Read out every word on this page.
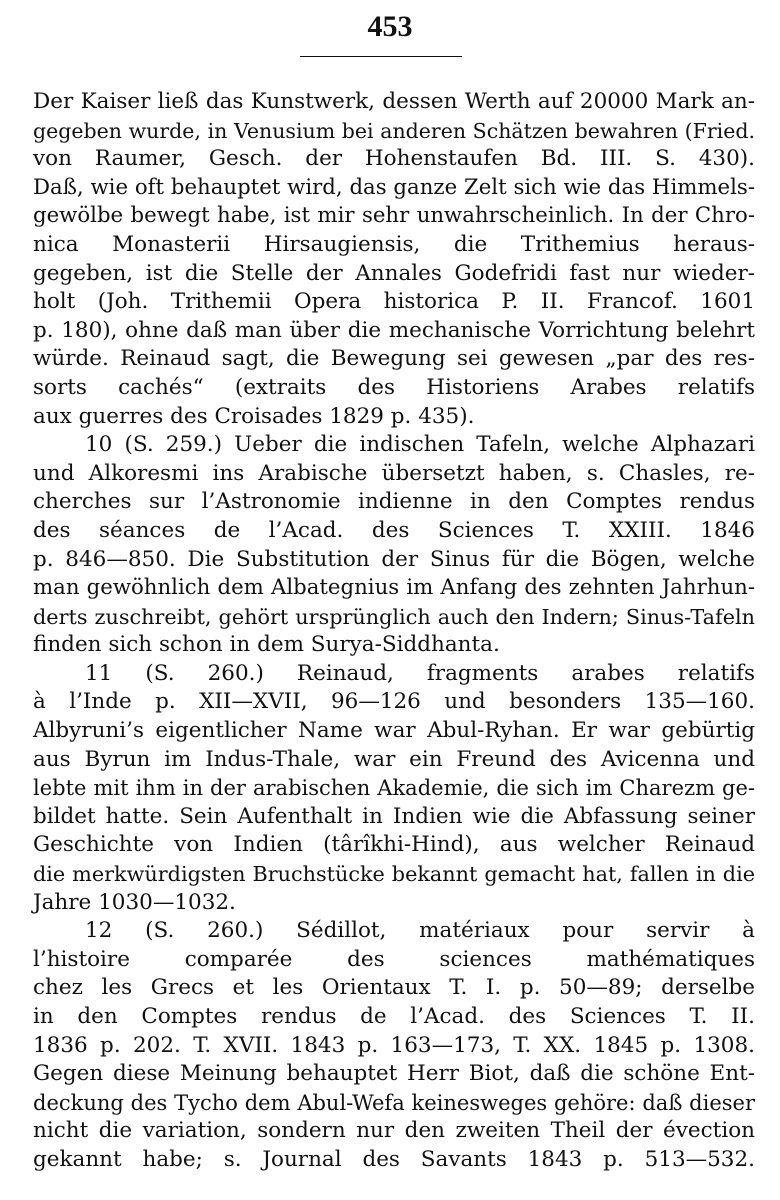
453
Der Kaiser ließ das Kunstwerk, dessen Werth auf 20000 Mark an-
gegeben wurde, in Venusium bei anderen Schätzen bewahren (Fried.
von Raumer, Gesch. der Hohenstaufen Bd. III. S. 430).
Daß, wie oft behauptet wird, das ganze Zelt sich wie das Himmels-
gewölbe bewegt habe, ist mir sehr unwahrscheinlich. In der Chro-
nica Monasterii Hirsaugiensis, die Trithemius heraus-
gegeben, ist die Stelle der Annales Godefridi fast nur wieder-
holt (Joh. Trithemii Opera historica P. II. Francof. 1601
p. 180), ohne daß man über die mechanische Vorrichtung belehrt
würde. Reinaud sagt, die Bewegung sei gewesen „par des res-
sorts cachés“ (extraits des Historiens Arabes relatifs
aux guerres des Croisades 1829 p. 435).
10 (S. 259.) Ueber die indischen Tafeln, welche Alphazari
und Alkoresmi ins Arabische übersetzt haben, s. Chasles, re-
cherches sur l’Astronomie indienne in den Comptes rendus
des séances de l’Acad. des Sciences T. XXIII. 1846
p. 846—850. Die Substitution der Sinus für die Bögen, welche
man gewöhnlich dem Albategnius im Anfang des zehnten Jahrhun-
derts zuschreibt, gehört ursprünglich auch den Indern; Sinus-Tafeln
finden sich schon in dem Surya-Siddhanta.
11 (S. 260.) Reinaud, fragments arabes relatifs
à l’Inde p. XII—XVII, 96—126 und besonders 135—160.
Albyruni’s eigentlicher Name war Abul-Ryhan. Er war gebürtig
aus Byrun im Indus-Thale, war ein Freund des Avicenna und
lebte mit ihm in der arabischen Akademie, die sich im Charezm ge-
bildet hatte. Sein Aufenthalt in Indien wie die Abfassung seiner
Geschichte von Indien (târîkhi-Hind), aus welcher Reinaud
die merkwürdigsten Bruchstücke bekannt gemacht hat, fallen in die
Jahre 1030—1032.
12 (S. 260.) Sédillot, matériaux pour servir à
l’histoire comparée des sciences mathématiques
chez les Grecs et les Orientaux T. I. p. 50—89; derselbe
in den Comptes rendus de l’Acad. des Sciences T. II.
1836 p. 202. T. XVII. 1843 p. 163—173, T. XX. 1845 p. 1308.
Gegen diese Meinung behauptet Herr Biot, daß die schöne Ent-
deckung des Tycho dem Abul-Wefa keinesweges gehöre: daß dieser
nicht die variation, sondern nur den zweiten Theil der évection
gekannt habe; s. Journal des Savants 1843 p. 513—532.
